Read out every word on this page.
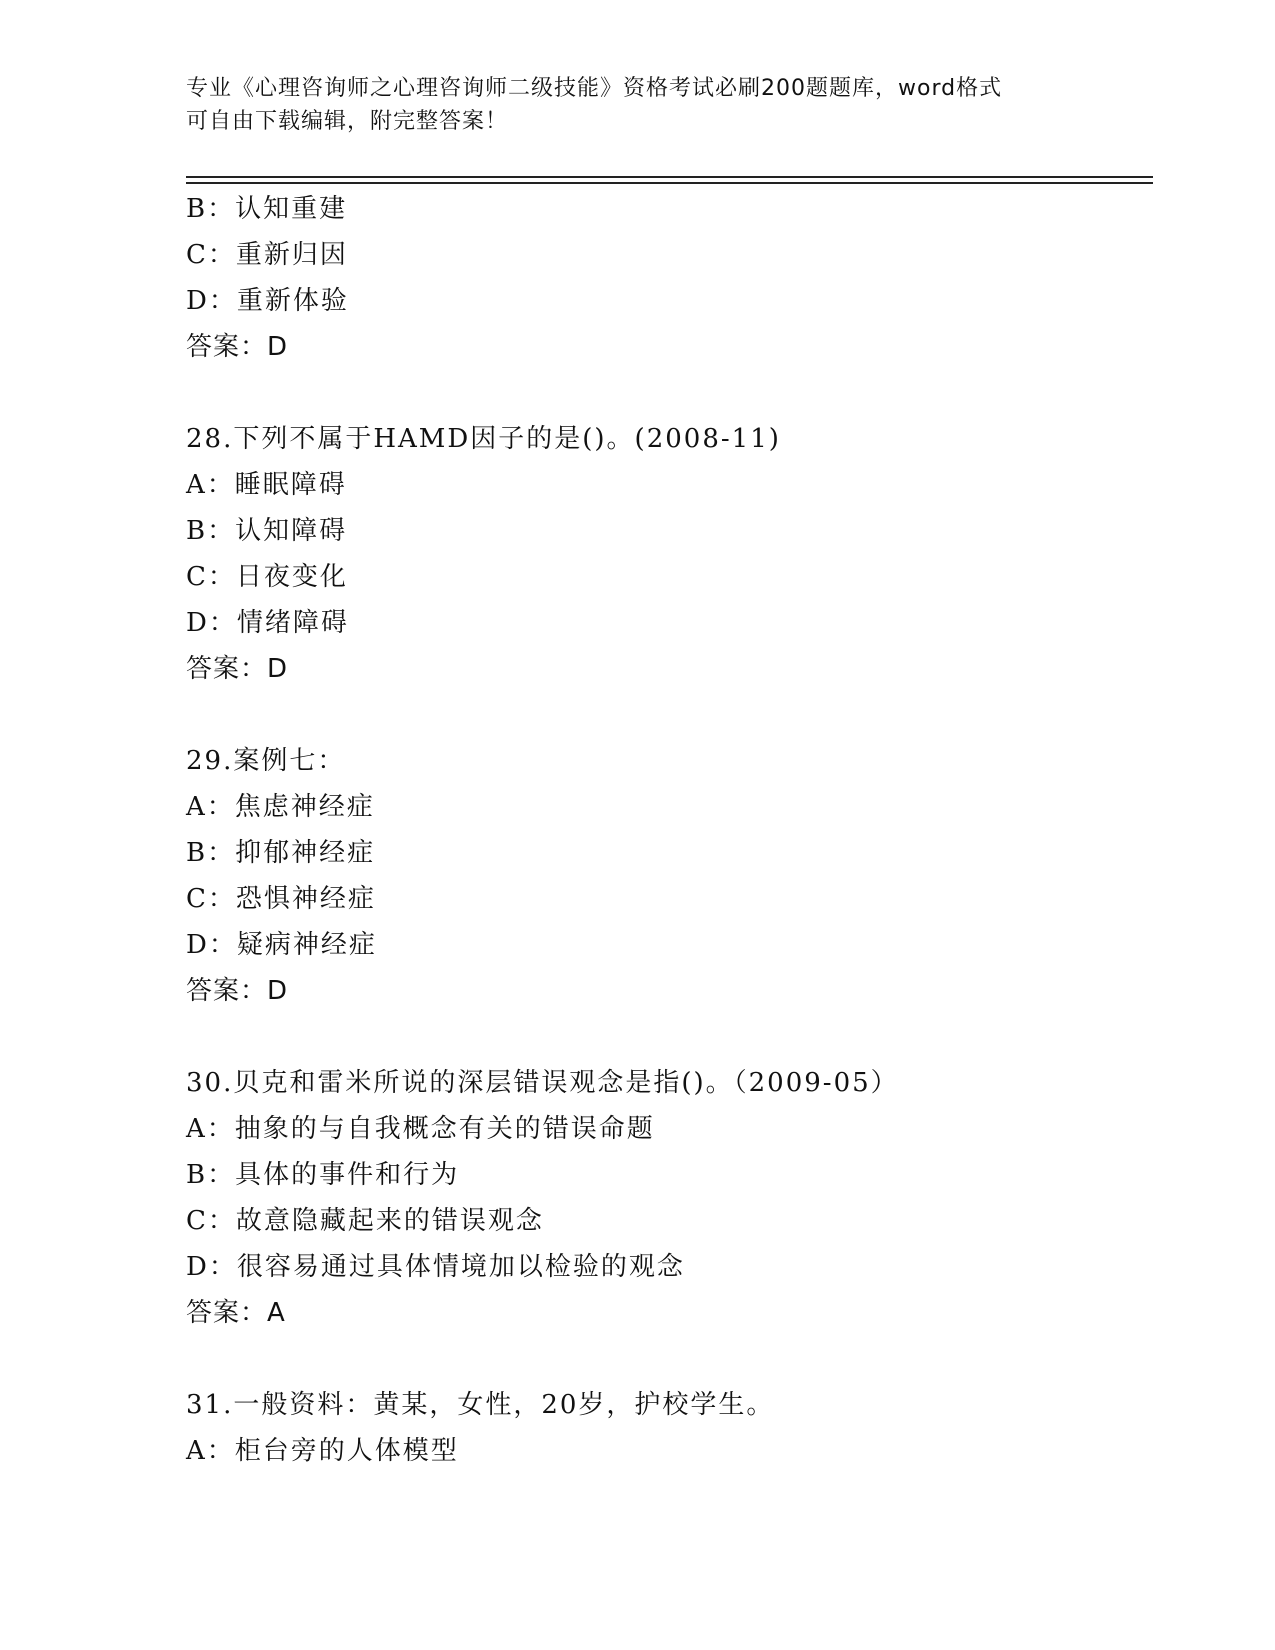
专业《心理咨询师之心理咨询师二级技能》资格考试必刷200题题库，word格式
可自由下载编辑，附完整答案！
B：认知重建
C：重新归因
D：重新体验
答案：D
28.下列不属于HAMD因子的是()。(2008-11)
A：睡眠障碍
B：认知障碍
C：日夜变化
D：情绪障碍
答案：D
29.案例七：
A：焦虑神经症
B：抑郁神经症
C：恐惧神经症
D：疑病神经症
答案：D
30.贝克和雷米所说的深层错误观念是指()。（2009-05）
A：抽象的与自我概念有关的错误命题
B：具体的事件和行为
C：故意隐藏起来的错误观念
D：很容易通过具体情境加以检验的观念
答案：A
31.一般资料：黄某，女性，20岁，护校学生。
A：柜台旁的人体模型
